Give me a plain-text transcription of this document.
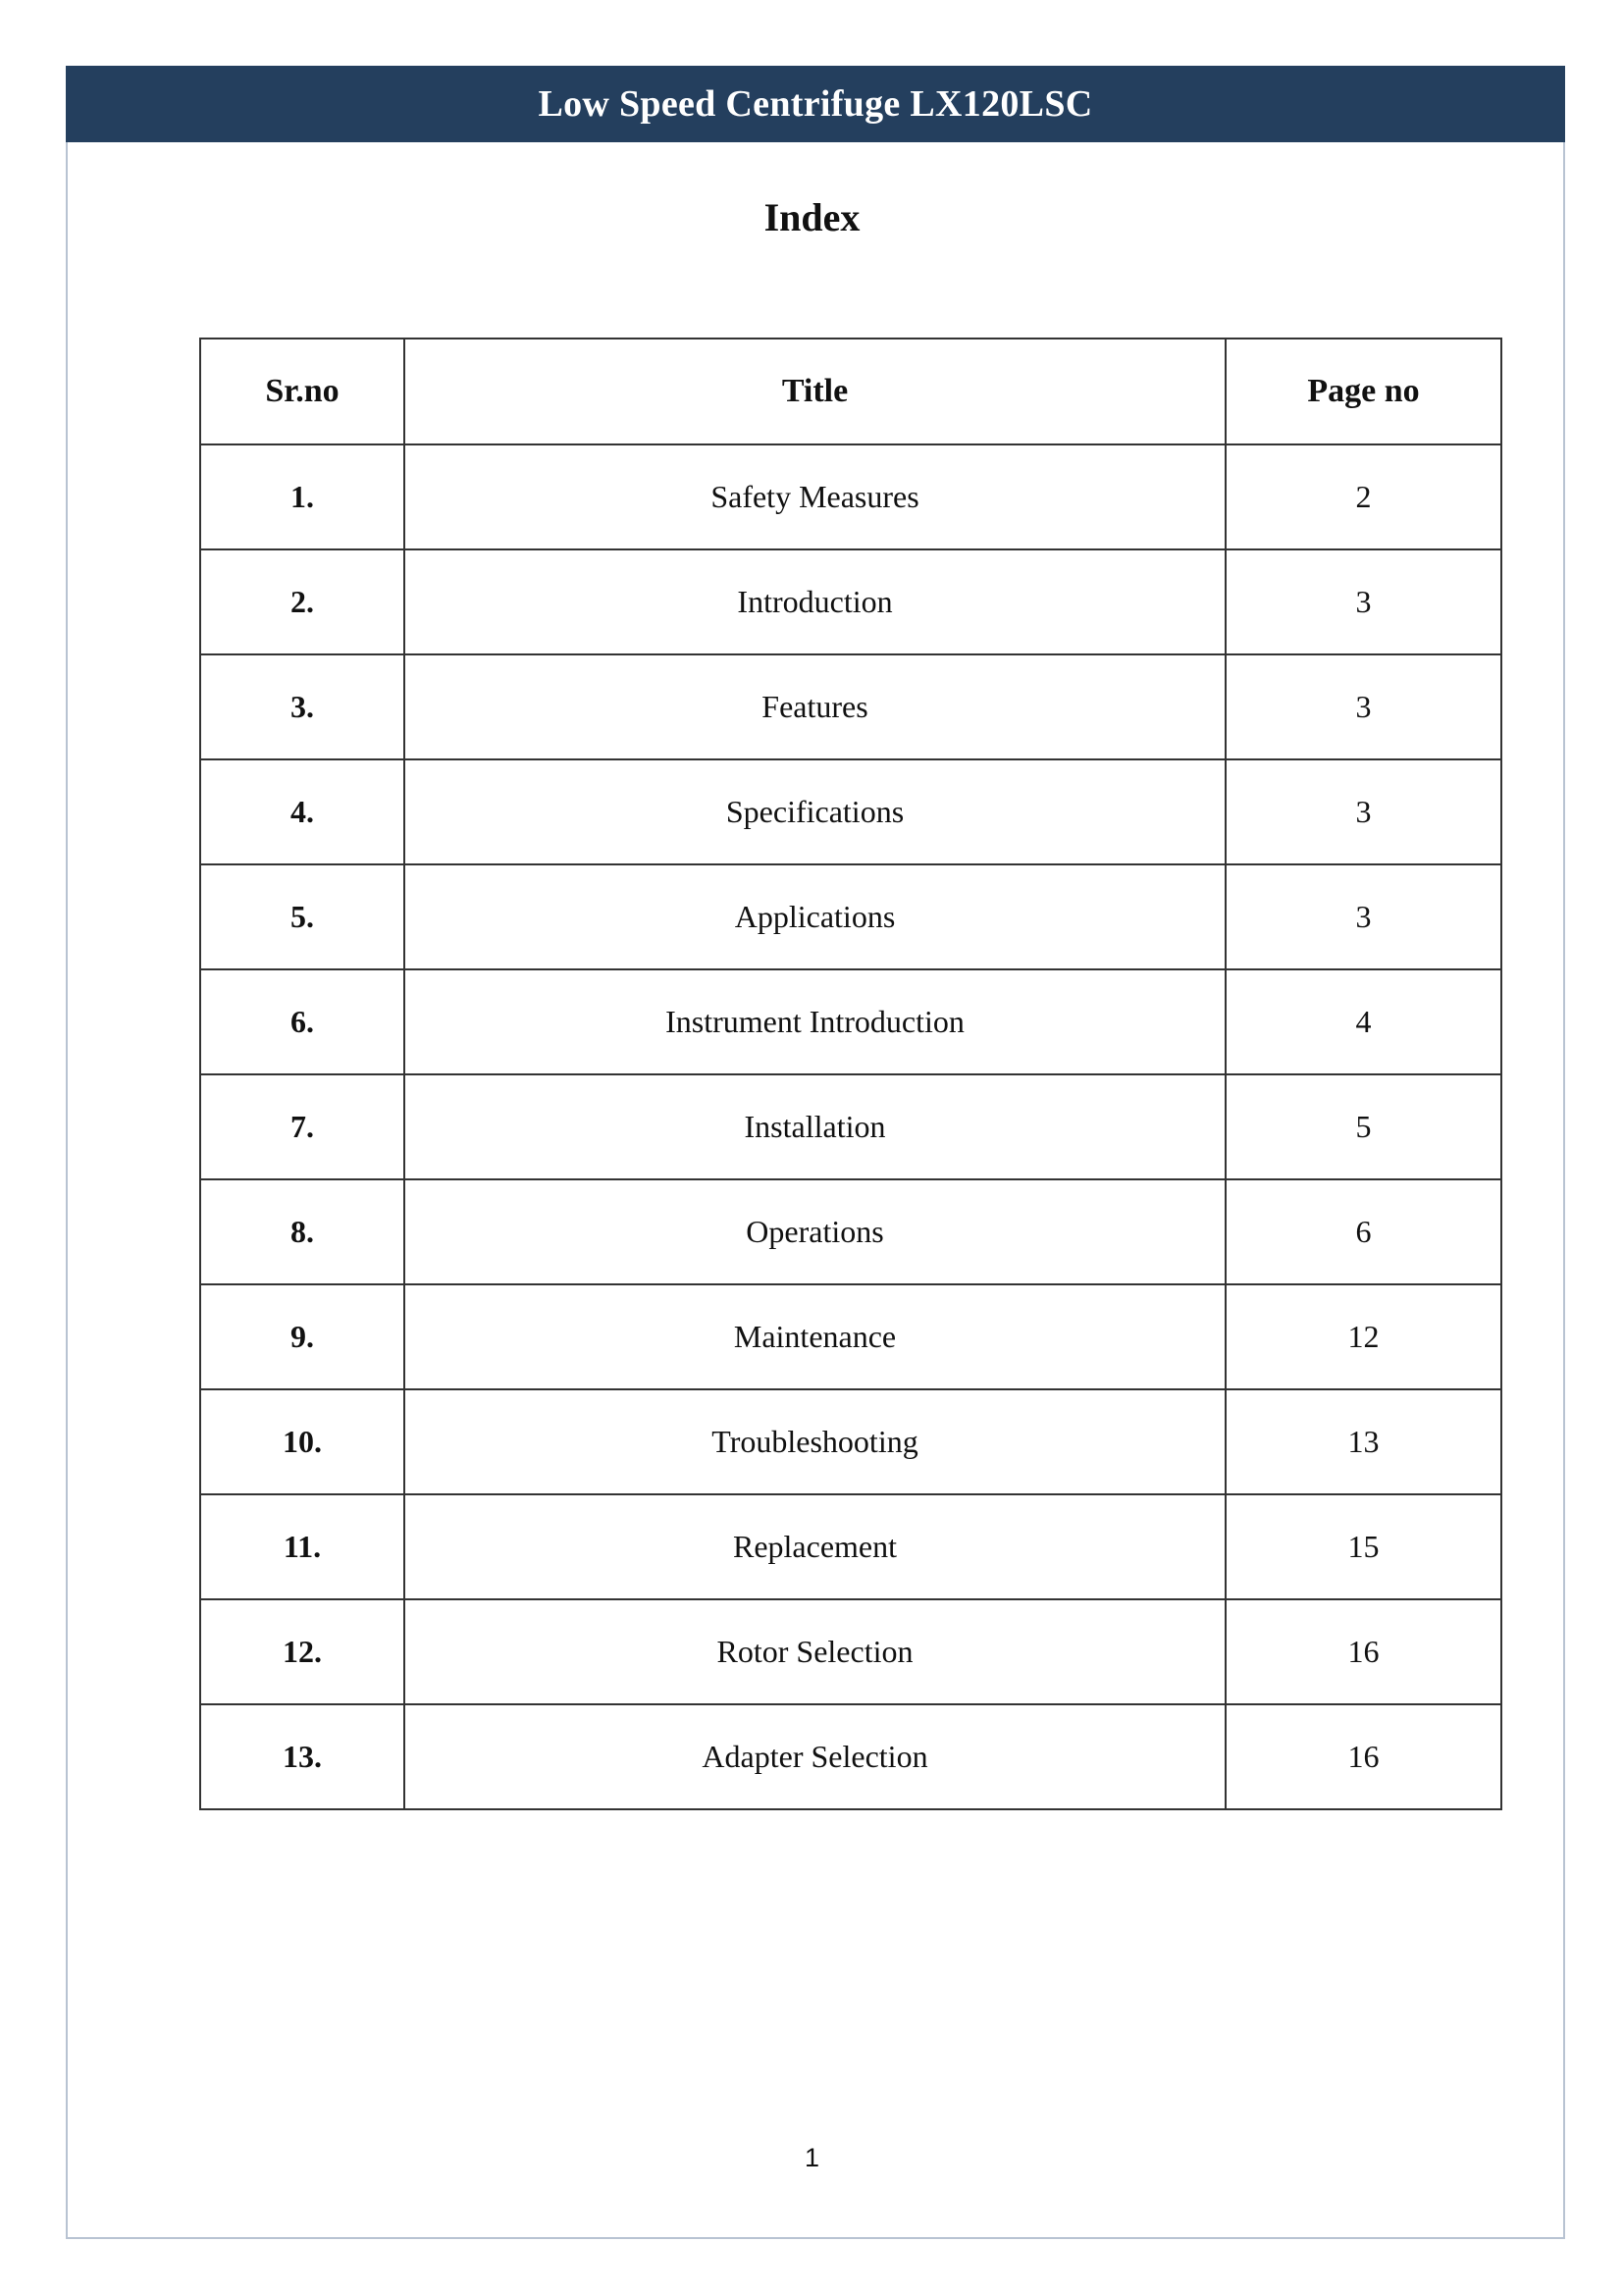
Low Speed Centrifuge LX120LSC
Index
Sr.no	Title	Page no
1.	Safety Measures	2
2.	Introduction	3
3.	Features	3
4.	Specifications	3
5.	Applications	3
6.	Instrument Introduction	4
7.	Installation	5
8.	Operations	6
9.	Maintenance	12
10.	Troubleshooting	13
11.	Replacement	15
12.	Rotor Selection	16
13.	Adapter Selection	16
1
